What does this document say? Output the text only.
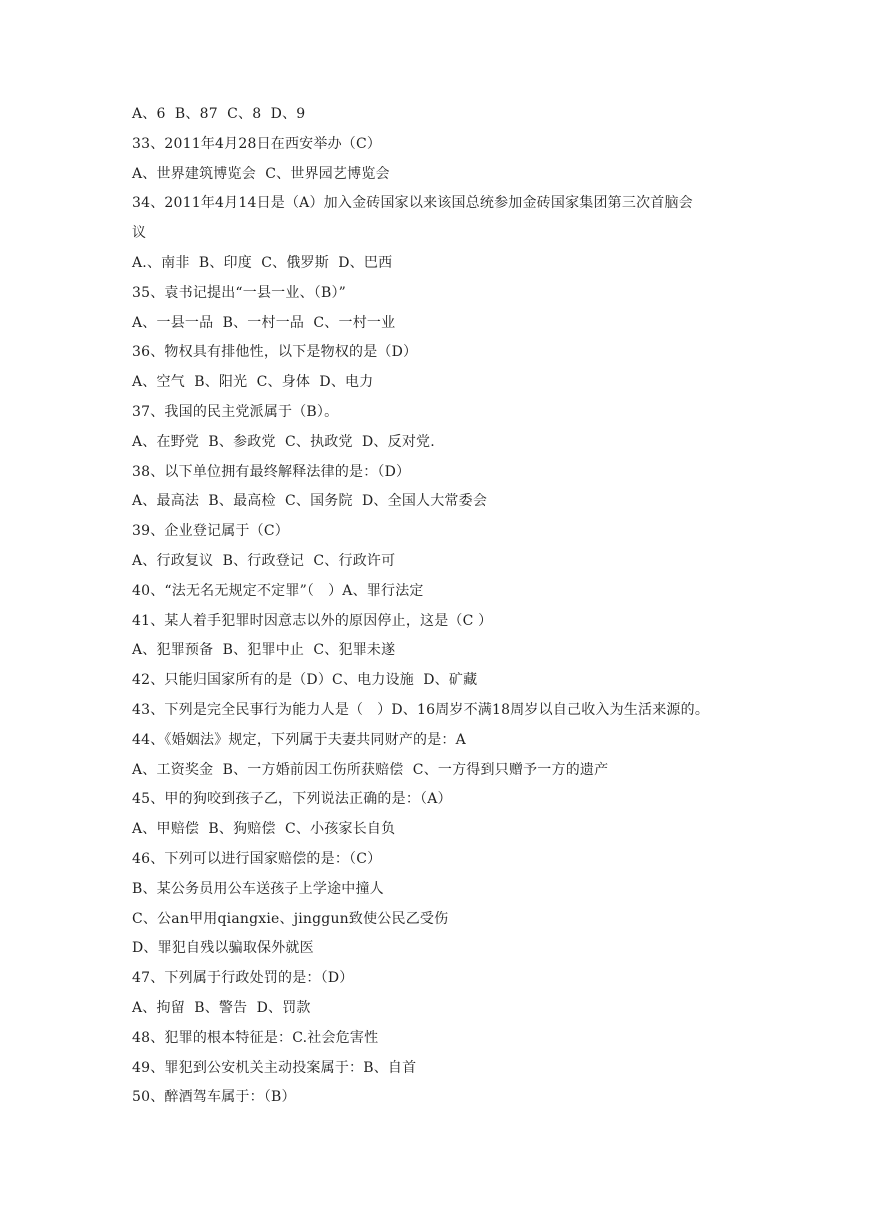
A、6  B、87  C、8  D、9
33、2011年4月28日在西安举办（C）
A、世界建筑博览会  C、世界园艺博览会
34、2011年4月14日是（A）加入金砖国家以来该国总统参加金砖国家集团第三次首脑会
议
A.、南非  B、印度  C、俄罗斯  D、巴西
35、袁书记提出“一县一业、（B）”
A、一县一品  B、一村一品  C、一村一业
36、物权具有排他性，以下是物权的是（D）
A、空气  B、阳光  C、身体  D、电力
37、我国的民主党派属于（B）。
A、在野党  B、参政党  C、执政党  D、反对党.
38、以下单位拥有最终解释法律的是：（D）
A、最高法  B、最高检  C、国务院  D、全国人大常委会
39、企业登记属于（C）
A、行政复议  B、行政登记  C、行政许可
40、“法无名无规定不定罪”（   ）A、罪行法定
41、某人着手犯罪时因意志以外的原因停止，这是（C ）
A、犯罪预备  B、犯罪中止  C、犯罪未遂
42、只能归国家所有的是（D）C、电力设施  D、矿藏
43、下列是完全民事行为能力人是（   ）D、16周岁不满18周岁以自己收入为生活来源的。
44、《婚姻法》规定，下列属于夫妻共同财产的是：A
A、工资奖金  B、一方婚前因工伤所获赔偿  C、一方得到只赠予一方的遗产
45、甲的狗咬到孩子乙，下列说法正确的是：（A）
A、甲赔偿  B、狗赔偿  C、小孩家长自负
46、下列可以进行国家赔偿的是：（C）
B、某公务员用公车送孩子上学途中撞人
C、公an甲用qiangxie、jinggun致使公民乙受伤
D、罪犯自残以骗取保外就医
47、下列属于行政处罚的是：（D）
A、拘留  B、警告  D、罚款
48、犯罪的根本特征是：C.社会危害性
49、罪犯到公安机关主动投案属于：B、自首
50、醉酒驾车属于：（B）
